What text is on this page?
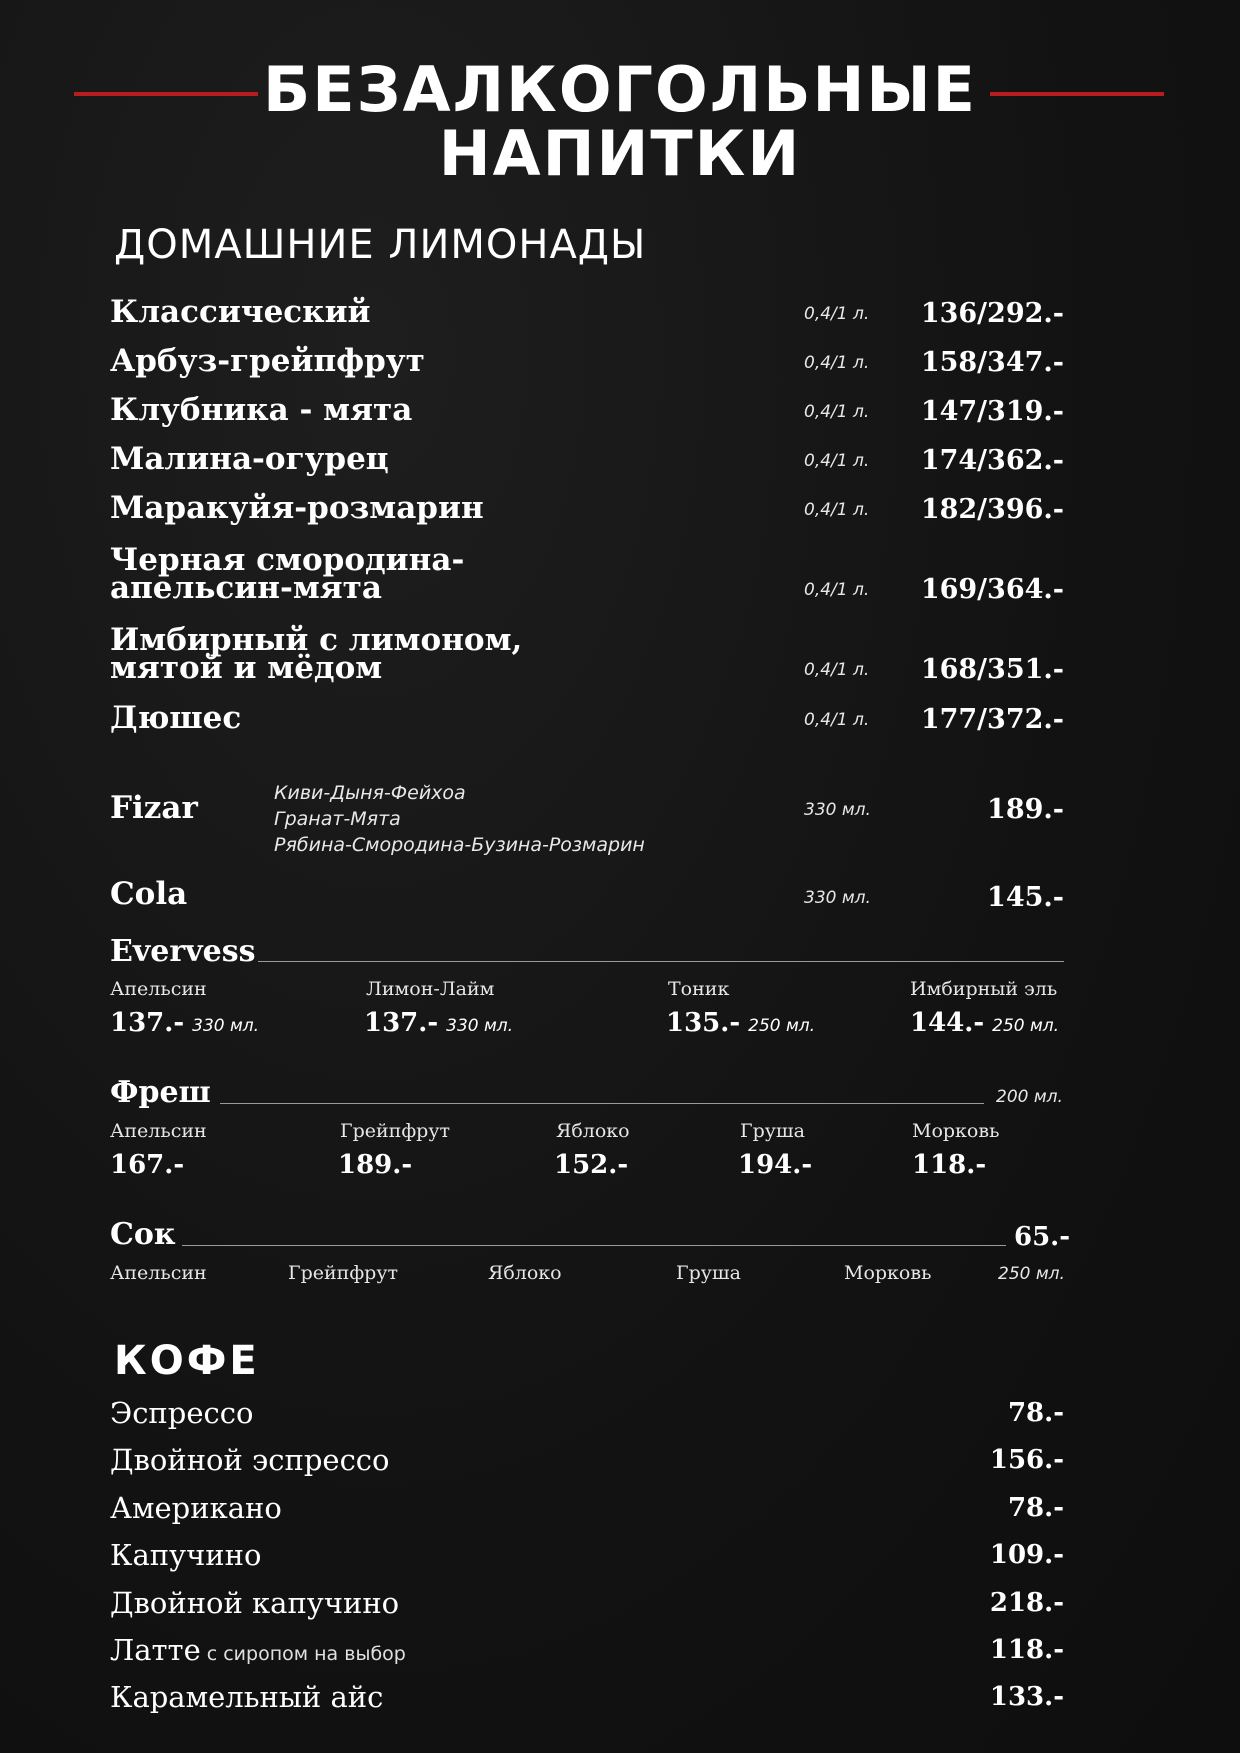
БЕЗАЛКОГОЛЬНЫЕ
НАПИТКИ
ДОМАШНИЕ ЛИМОНАДЫ
Классический	0,4/1 л. 136/292.-
Арбуз-грейпфрут	0,4/1 л. 158/347.-
Клубника - мята	0,4/1 л. 147/319.-
Малина-огурец	0,4/1 л. 174/362.-
Маракуйя-розмарин	0,4/1 л. 182/396.-
Черная смородина-
апельсин-мята	0,4/1 л. 169/364.-
Имбирный с лимоном,
мятой и мёдом	0,4/1 л. 168/351.-
Дюшес	0,4/1 л. 177/372.-
Fizar	Киви-Дыня-Фейхоа
Гранат-Мята
Рябина-Смородина-Бузина-Розмарин
330 мл.	189.-
Cola	330 мл.	145.-
Evervess
Апельсин
137.- 330 мл.
Лимон-Лайм
137.- 330 мл.
Тоник
135.- 250 мл.
Имбирный эль
144.- 250 мл.
Фреш	200 мл.
Апельсин
167.-
Грейпфрут
189.-
Яблоко
152.-
Груша
194.-
Морковь
118.-
Сок	65.-
Апельсин	Грейпфрут	Яблоко	Груша	Морковь	250 мл.
КОФЕ
Эспрессо	78.-
Двойной эспрессо	156.-
Американо	78.-
Капучино	109.-
Двойной капучино	218.-
Латте с сиропом на выбор	118.-
Карамельный айс	133.-
